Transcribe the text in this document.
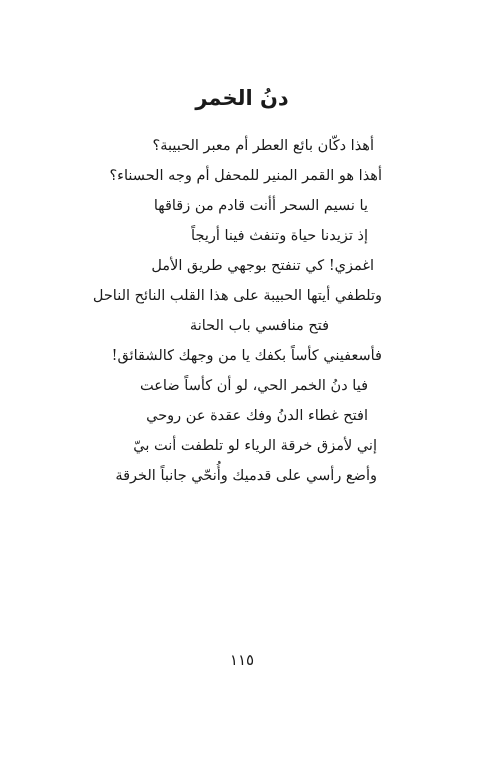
دنُ الخمر
أهذا دكّان بائع العطر أم معبر الحبيبة؟
أهذا هو القمر المنير للمحفل أم وجه الحسناء؟
يا نسيم السحر أأنت قادم من زقاقها
إذ تزيدنا حياة وتنفث فينا أريجاً
اغمزي! كي تنفتح بوجهي طريق الأمل
وتلطفي أيتها الحبيبة على هذا القلب النائح الناحل
فتح منافسي باب الحانة
فأسعفيني كأساً بكفك يا من وجهك كالشقائق!
فيا دنُ الخمر الحي، لو أن كأساً ضاعت
افتح غطاء الدنُ وفك عقدة عن روحي
إني لأمزق خرقة الرياء لو تلطفت أنت بيّ
وأضع رأسي على قدميك وأُنحّي جانباً الخرقة
١١٥
